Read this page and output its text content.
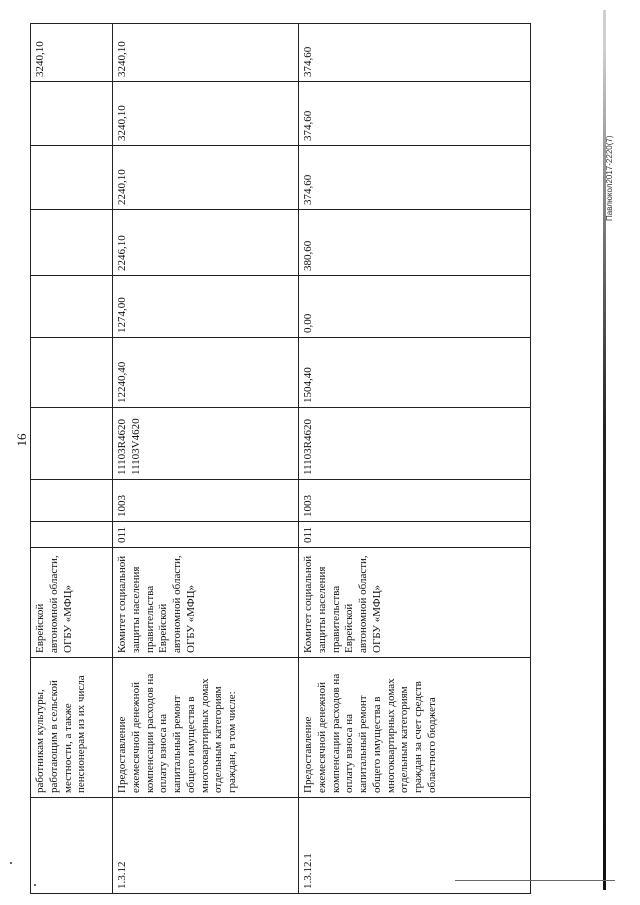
16
	работникам культуры, работающим в сельской местности, а также пенсионерам из их числа	Еврейской автономной области, ОГБУ «МФЦ»									3240,10
1.3.12	Предоставление ежемесячной денежной компенсации расходов на оплату взноса на капитальный ремонт общего имущества в многоквартирных домах отдельным категориям граждан, в том числе:	Комитет социальной защиты населения правительства Еврейской автономной области, ОГБУ «МФЦ»	011	1003	11103R4620 11103V4620	12240,40	1274,00	2246,10	2240,10	3240,10	3240,10
1.3.12.1	Предоставление ежемесячной денежной компенсации расходов на оплату взноса на капитальный ремонт общего имущества в многоквартирных домах отдельным категориям граждан за счет средств областного бюджета	Комитет социальной защиты населения правительства Еврейской автономной области, ОГБУ «МФЦ»	011	1003	11103R4620	1504,40	0,00	380,60	374,60	374,60	374,60
Павлюкол2017-2220(7)
